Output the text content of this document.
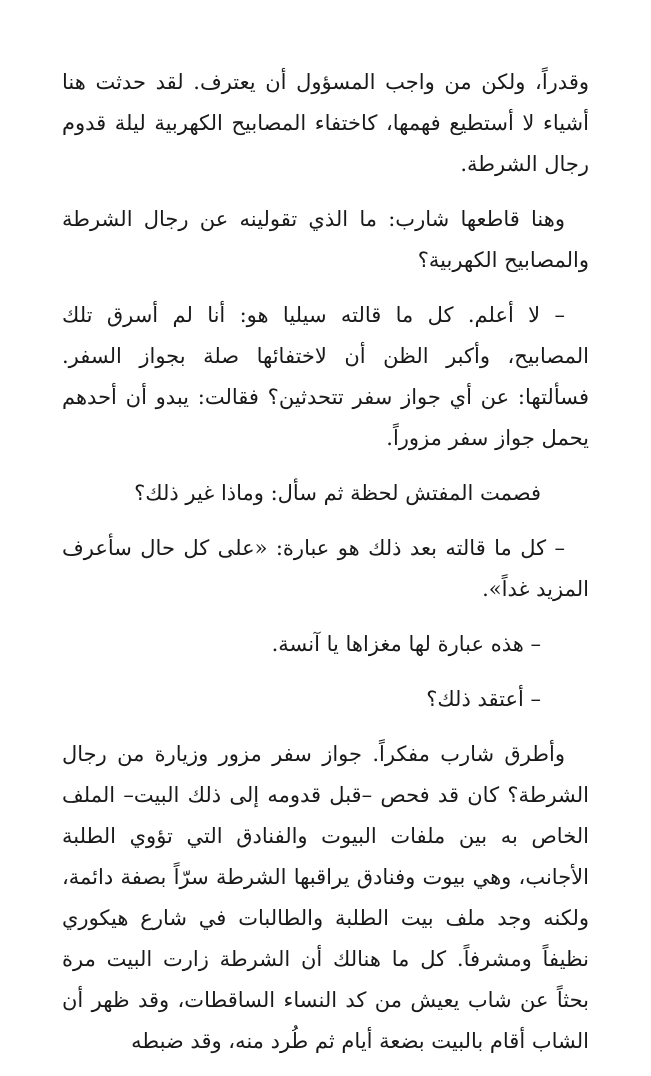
وقدراً، ولكن من واجب المسؤول أن يعترف. لقد حدثت هنا أشياء لا أستطيع فهمها، كاختفاء المصابيح الكهربية ليلة قدوم رجال الشرطة.

وهنا قاطعها شارب: ما الذي تقولينه عن رجال الشرطة والمصابيح الكهربية؟

– لا أعلم. كل ما قالته سيليا هو: أنا لم أسرق تلك المصابيح، وأكبر الظن أن لاختفائها صلة بجواز السفر. فسألتها: عن أي جواز سفر تتحدثين؟ فقالت: يبدو أن أحدهم يحمل جواز سفر مزوراً.

فصمت المفتش لحظة ثم سأل: وماذا غير ذلك؟

– كل ما قالته بعد ذلك هو عبارة: «على كل حال سأعرف المزيد غداً».

– هذه عبارة لها مغزاها يا آنسة.

– أعتقد ذلك؟

وأطرق شارب مفكراً. جواز سفر مزور وزيارة من رجال الشرطة؟ كان قد فحص –قبل قدومه إلى ذلك البيت– الملف الخاص به بين ملفات البيوت والفنادق التي تؤوي الطلبة الأجانب، وهي بيوت وفنادق يراقبها الشرطة سرّاً بصفة دائمة، ولكنه وجد ملف بيت الطلبة والطالبات في شارع هيكوري نظيفاً ومشرفاً. كل ما هنالك أن الشرطة زارت البيت مرة بحثاً عن شاب يعيش من كد النساء الساقطات، وقد ظهر أن الشاب أقام بالبيت بضعة أيام ثم طُرد منه، وقد ضبطه
